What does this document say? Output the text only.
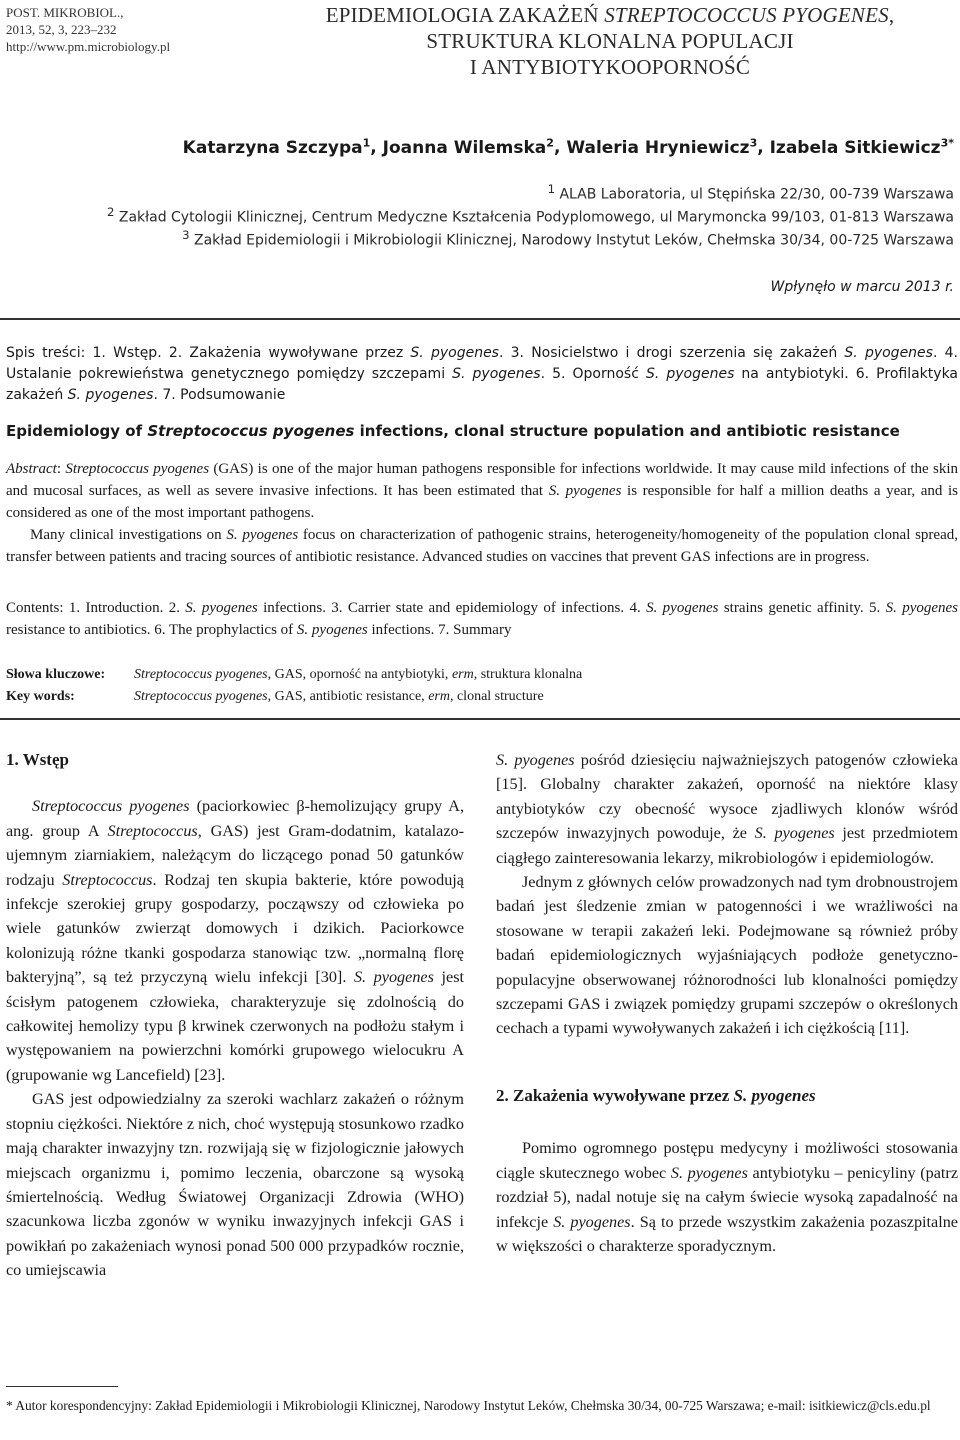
POST. MIKROBIOL.,
2013, 52, 3, 223–232
http://www.pm.microbiology.pl
EPIDEMIOLOGIA ZAKAŻEŃ STREPTOCOCCUS PYOGENES,
STRUKTURA KLONALNA POPULACJI
I ANTYBIOTYKOOPORNOŚĆ
Katarzyna Szczypa$^1$, Joanna Wilemska$^2$, Waleria Hryniewicz$^3$, Izabela Sitkiewicz$^{3*}$
$^1$ ALAB Laboratoria, ul Stępińska 22/30, 00-739 Warszawa
$^2$ Zakład Cytologii Klinicznej, Centrum Medyczne Kształcenia Podyplomowego, ul Marymoncka 99/103, 01-813 Warszawa
$^3$ Zakład Epidemiologii i Mikrobiologii Klinicznej, Narodowy Instytut Leków, Chełmska 30/34, 00-725 Warszawa
Wpłynęło w marcu 2013 r.

Spis treści: 1. Wstęp. 2. Zakażenia wywoływane przez S. pyogenes. 3. Nosicielstwo i drogi szerzenia się zakażeń S. pyogenes. 4. Ustalanie pokrewieństwa genetycznego pomiędzy szczepami S. pyogenes. 5. Oporność S. pyogenes na antybiotyki. 6. Profilaktyka zakażeń S. pyogenes. 7. Podsumowanie

Epidemiology of Streptococcus pyogenes infections, clonal structure population and antibiotic resistance

Abstract: Streptococcus pyogenes (GAS) is one of the major human pathogens responsible for infections worldwide. It may cause mild infections of the skin and mucosal surfaces, as well as severe invasive infections. It has been estimated that S. pyogenes is responsible for half a million deaths a year, and is considered as one of the most important pathogens.

Many clinical investigations on S. pyogenes focus on characterization of pathogenic strains, heterogeneity/homogeneity of the population clonal spread, transfer between patients and tracing sources of antibiotic resistance. Advanced studies on vaccines that prevent GAS infections are in progress.

Contents: 1. Introduction. 2. S. pyogenes infections. 3. Carrier state and epidemiology of infections. 4. S. pyogenes strains genetic affinity. 5. S. pyogenes resistance to antibiotics. 6. The prophylactics of S. pyogenes infections. 7. Summary

Słowa kluczowe: Streptococcus pyogenes, GAS, oporność na antybiotyki, erm, struktura klonalna
Key words:	Streptococcus pyogenes, GAS, antibiotic resistance, erm, clonal structure
1. Wstęp

Streptococcus pyogenes (paciorkowiec β-hemolizujący grupy A, ang. group A Streptococcus, GAS) jest Gram-dodatnim, katalazo-ujemnym ziarniakiem, należącym do liczącego ponad 50 gatunków rodzaju Streptococcus. Rodzaj ten skupia bakterie, które powodują infekcje szerokiej grupy gospodarzy, począwszy od człowieka po wiele gatunków zwierząt domowych i dzikich. Paciorkowce kolonizują różne tkanki gospodarza stanowiąc tzw. „normalną florę bakteryjną”, są też przyczyną wielu infekcji [30]. S. pyogenes jest ścisłym patogenem człowieka, charakteryzuje się zdolnością do całkowitej hemolizy typu β krwinek czerwonych na podłożu stałym i występowaniem na powierzchni komórki grupowego wielocukru A (grupowanie wg Lancefield) [23].

GAS jest odpowiedzialny za szeroki wachlarz zakażeń o różnym stopniu ciężkości. Niektóre z nich, choć występują stosunkowo rzadko mają charakter inwazyjny tzn. rozwijają się w fizjologicznie jałowych miejscach organizmu i, pomimo leczenia, obarczone są wysoką śmiertelnością. Według Światowej Organizacji Zdrowia (WHO) szacunkowa liczba zgonów w wyniku inwazyjnych infekcji GAS i powikłań po zakażeniach wynosi ponad 500 000 przypadków rocznie, co umiejscawia

S. pyogenes pośród dziesięciu najważniejszych patogenów człowieka [15]. Globalny charakter zakażeń, oporność na niektóre klasy antybiotyków czy obecność wysoce zjadliwych klonów wśród szczepów inwazyjnych powoduje, że S. pyogenes jest przedmiotem ciągłego zainteresowania lekarzy, mikrobiologów i epidemiologów.

Jednym z głównych celów prowadzonych nad tym drobnoustrojem badań jest śledzenie zmian w patogenności i we wrażliwości na stosowane w terapii zakażeń leki. Podejmowane są również próby badań epidemiologicznych wyjaśniających podłoże genetyczno-populacyjne obserwowanej różnorodności lub klonalności pomiędzy szczepami GAS i związek pomiędzy grupami szczepów o określonych cechach a typami wywoływanych zakażeń i ich ciężkością [11].

2. Zakażenia wywoływane przez S. pyogenes

Pomimo ogromnego postępu medycyny i możliwości stosowania ciągle skutecznego wobec S. pyogenes antybiotyku – penicyliny (patrz rozdział 5), nadal notuje się na całym świecie wysoką zapadalność na infekcje S. pyogenes. Są to przede wszystkim zakażenia pozaszpitalne w większości o charakterze sporadycznym.

* Autor korespondencyjny: Zakład Epidemiologii i Mikrobiologii Klinicznej, Narodowy Instytut Leków, Chełmska 30/34, 00-725 Warszawa; e-mail: isitkiewicz@cls.edu.pl
